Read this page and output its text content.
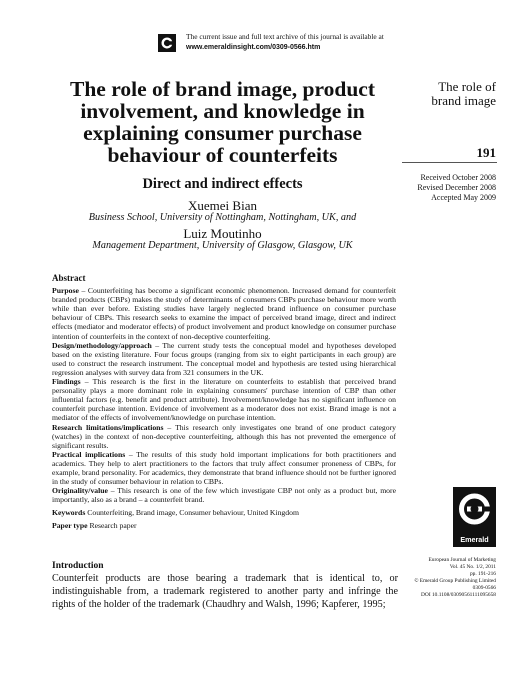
The current issue and full text archive of this journal is available at
www.emeraldinsight.com/0309-0566.htm
The role of brand image, product involvement, and knowledge in explaining consumer purchase behaviour of counterfeits
Direct and indirect effects
Xuemei Bian
Business School, University of Nottingham, Nottingham, UK, and
Luiz Moutinho
Management Department, University of Glasgow, Glasgow, UK
The role of
brand image
191
Received October 2008
Revised December 2008
Accepted May 2009
Emerald
European Journal of Marketing
Vol. 45 No. 1/2, 2011
pp. 191-216
© Emerald Group Publishing Limited
0309-0566
DOI 10.1108/03090561111095658
Abstract

Purpose – Counterfeiting has become a significant economic phenomenon. Increased demand for counterfeit branded products (CBPs) makes the study of determinants of consumers CBPs purchase behaviour more worth while than ever before. Existing studies have largely neglected brand influence on consumer purchase behaviour of CBPs. This research seeks to examine the impact of perceived brand image, direct and indirect effects (mediator and moderator effects) of product involvement and product knowledge on consumer purchase intention of counterfeits in the context of non-deceptive counterfeiting.

Design/methodology/approach – The current study tests the conceptual model and hypotheses developed based on the existing literature. Four focus groups (ranging from six to eight participants in each group) are used to construct the research instrument. The conceptual model and hypothesis are tested using hierarchical regression analyses with survey data from 321 consumers in the UK.

Findings – This research is the first in the literature on counterfeits to establish that perceived brand personality plays a more dominant role in explaining consumers' purchase intention of CBP than other influential factors (e.g. benefit and product attribute). Involvement/knowledge has no significant influence on counterfeit purchase intention. Evidence of involvement as a moderator does not exist. Brand image is not a mediator of the effects of involvement/knowledge on purchase intention.

Research limitations/implications – This research only investigates one brand of one product category (watches) in the context of non-deceptive counterfeiting, although this has not prevented the emergence of significant results.

Practical implications – The results of this study hold important implications for both practitioners and academics. They help to alert practitioners to the factors that truly affect consumer proneness of CBPs, for example, brand personality. For academics, they demonstrate that brand influence should not be further ignored in the study of consumer behaviour in relation to CBPs.

Originality/value – This research is one of the few which investigate CBP not only as a product but, more importantly, also as a brand – a counterfeit brand.

Keywords Counterfeiting, Brand image, Consumer behaviour, United Kingdom

Paper type Research paper

Introduction
Counterfeit products are those bearing a trademark that is identical to, or indistinguishable from, a trademark registered to another party and infringe the rights of the holder of the trademark (Chaudhry and Walsh, 1996; Kapferer, 1995;
